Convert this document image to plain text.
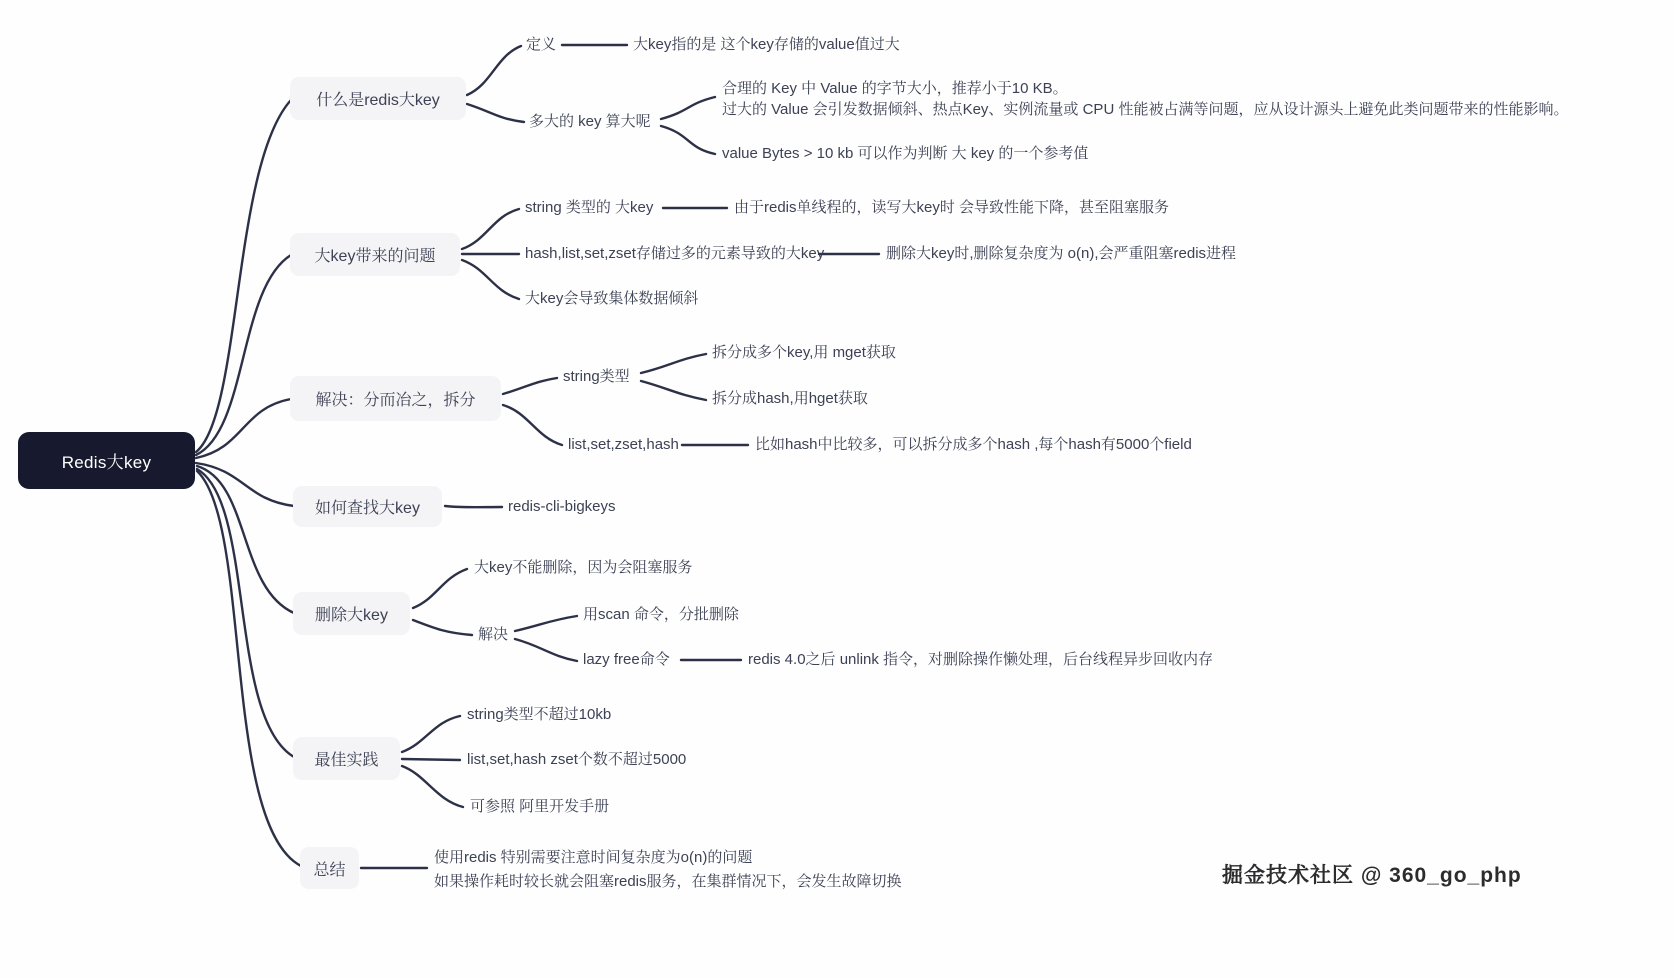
Redis大key
什么是redis大key
大key带来的问题
解决：分而冶之，拆分
如何查找大key
删除大key
最佳实践
总结
定义	大key指的是 这个key存储的value值过大
多大的 key 算大呢
合理的 Key 中 Value 的字节大小，推荐小于10 KB。
过大的 Value 会引发数据倾斜、热点Key、实例流量或 CPU 性能被占满等问题，应从设计源头上避免此类问题带来的性能影响。
value Bytes > 10 kb 可以作为判断 大 key 的一个参考值
string 类型的 大key	由于redis单线程的，读写大key时 会导致性能下降，甚至阻塞服务
hash,list,set,zset存储过多的元素导致的大key	删除大key时,删除复杂度为 o(n),会严重阻塞redis进程
大key会导致集体数据倾斜
string类型
拆分成多个key,用 mget获取
拆分成hash,用hget获取
list,set,zset,hash	比如hash中比较多，可以拆分成多个hash ,每个hash有5000个field
redis-cli-bigkeys
大key不能删除，因为会阻塞服务
解决
用scan 命令，分批删除
lazy free命令	redis 4.0之后 unlink 指令，对删除操作懒处理，后台线程异步回收内存
string类型不超过10kb
list,set,hash zset个数不超过5000
可参照 阿里开发手册
使用redis 特别需要注意时间复杂度为o(n)的问题
如果操作耗时较长就会阻塞redis服务，在集群情况下，会发生故障切换	掘金技术社区 @ 360_go_php
